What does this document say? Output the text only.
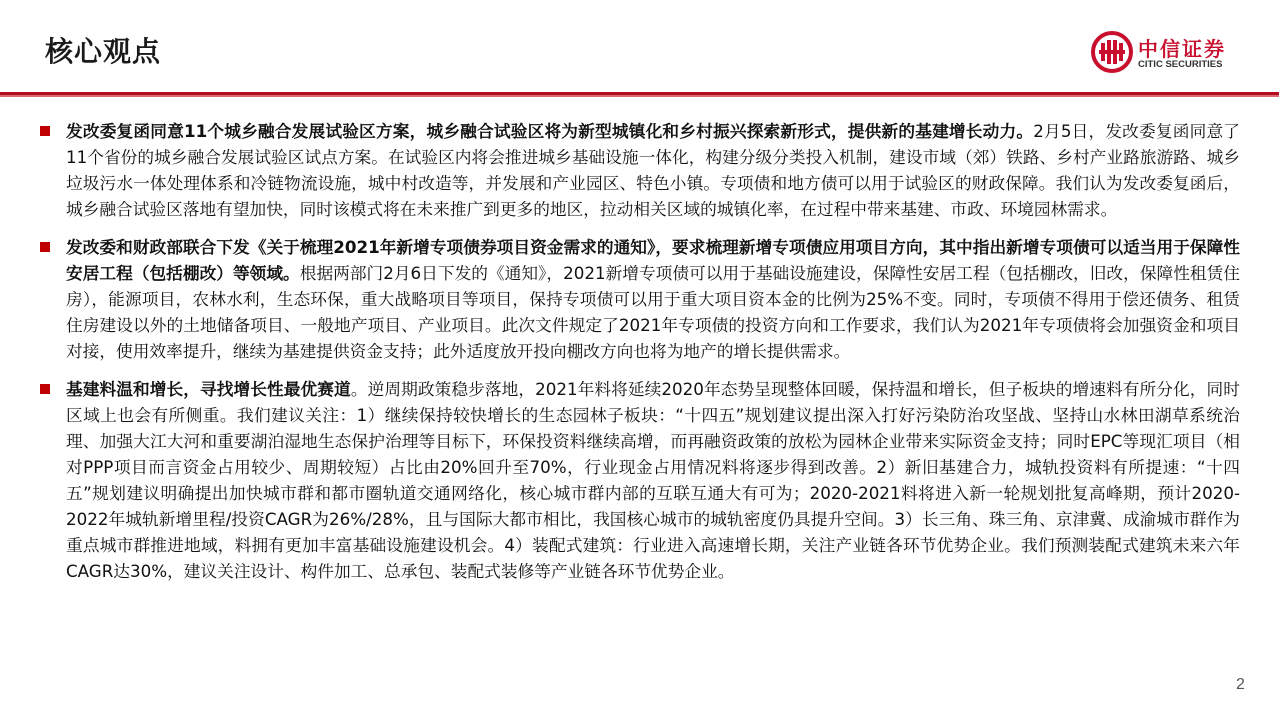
核心观点	中信证券
CITIC SECURITIES

发改委复函同意11个城乡融合发展试验区方案，城乡融合试验区将为新型城镇化和乡村振兴探索新形式，提供新的基建增长动力。2月5日，发改委复函同意了11个省份的城乡融合发展试验区试点方案。在试验区内将会推进城乡基础设施一体化，构建分级分类投入机制，建设市域（郊）铁路、乡村产业路旅游路、城乡垃圾污水一体处理体系和冷链物流设施，城中村改造等，并发展和产业园区、特色小镇。专项债和地方债可以用于试验区的财政保障。我们认为发改委复函后，城乡融合试验区落地有望加快，同时该模式将在未来推广到更多的地区，拉动相关区域的城镇化率，在过程中带来基建、市政、环境园林需求。

发改委和财政部联合下发《关于梳理2021年新增专项债券项目资金需求的通知》，要求梳理新增专项债应用项目方向，其中指出新增专项债可以适当用于保障性安居工程（包括棚改）等领域。根据两部门2月6日下发的《通知》，2021新增专项债可以用于基础设施建设，保障性安居工程（包括棚改，旧改，保障性租赁住房），能源项目，农林水利，生态环保，重大战略项目等项目，保持专项债可以用于重大项目资本金的比例为25%不变。同时，专项债不得用于偿还债务、租赁住房建设以外的土地储备项目、一般地产项目、产业项目。此次文件规定了2021年专项债的投资方向和工作要求，我们认为2021年专项债将会加强资金和项目对接，使用效率提升，继续为基建提供资金支持；此外适度放开投向棚改方向也将为地产的增长提供需求。

基建料温和增长，寻找增长性最优赛道。逆周期政策稳步落地，2021年料将延续2020年态势呈现整体回暖，保持温和增长，但子板块的增速料有所分化，同时区域上也会有所侧重。我们建议关注：1）继续保持较快增长的生态园林子板块：“十四五”规划建议提出深入打好污染防治攻坚战、坚持山水林田湖草系统治理、加强大江大河和重要湖泊湿地生态保护治理等目标下，环保投资料继续高增，而再融资政策的放松为园林企业带来实际资金支持；同时EPC等现汇项目（相对PPP项目而言资金占用较少、周期较短）占比由20%回升至70%，行业现金占用情况料将逐步得到改善。2）新旧基建合力，城轨投资料有所提速：“十四五”规划建议明确提出加快城市群和都市圈轨道交通网络化，核心城市群内部的互联互通大有可为；2020-2021料将进入新一轮规划批复高峰期，预计2020-2022年城轨新增里程/投资CAGR为26%/28%，且与国际大都市相比，我国核心城市的城轨密度仍具提升空间。3）长三角、珠三角、京津冀、成渝城市群作为重点城市群推进地域，料拥有更加丰富基础设施建设机会。4）装配式建筑：行业进入高速增长期，关注产业链各环节优势企业。我们预测装配式建筑未来六年CAGR达30%，建议关注设计、构件加工、总承包、装配式装修等产业链各环节优势企业。

2
